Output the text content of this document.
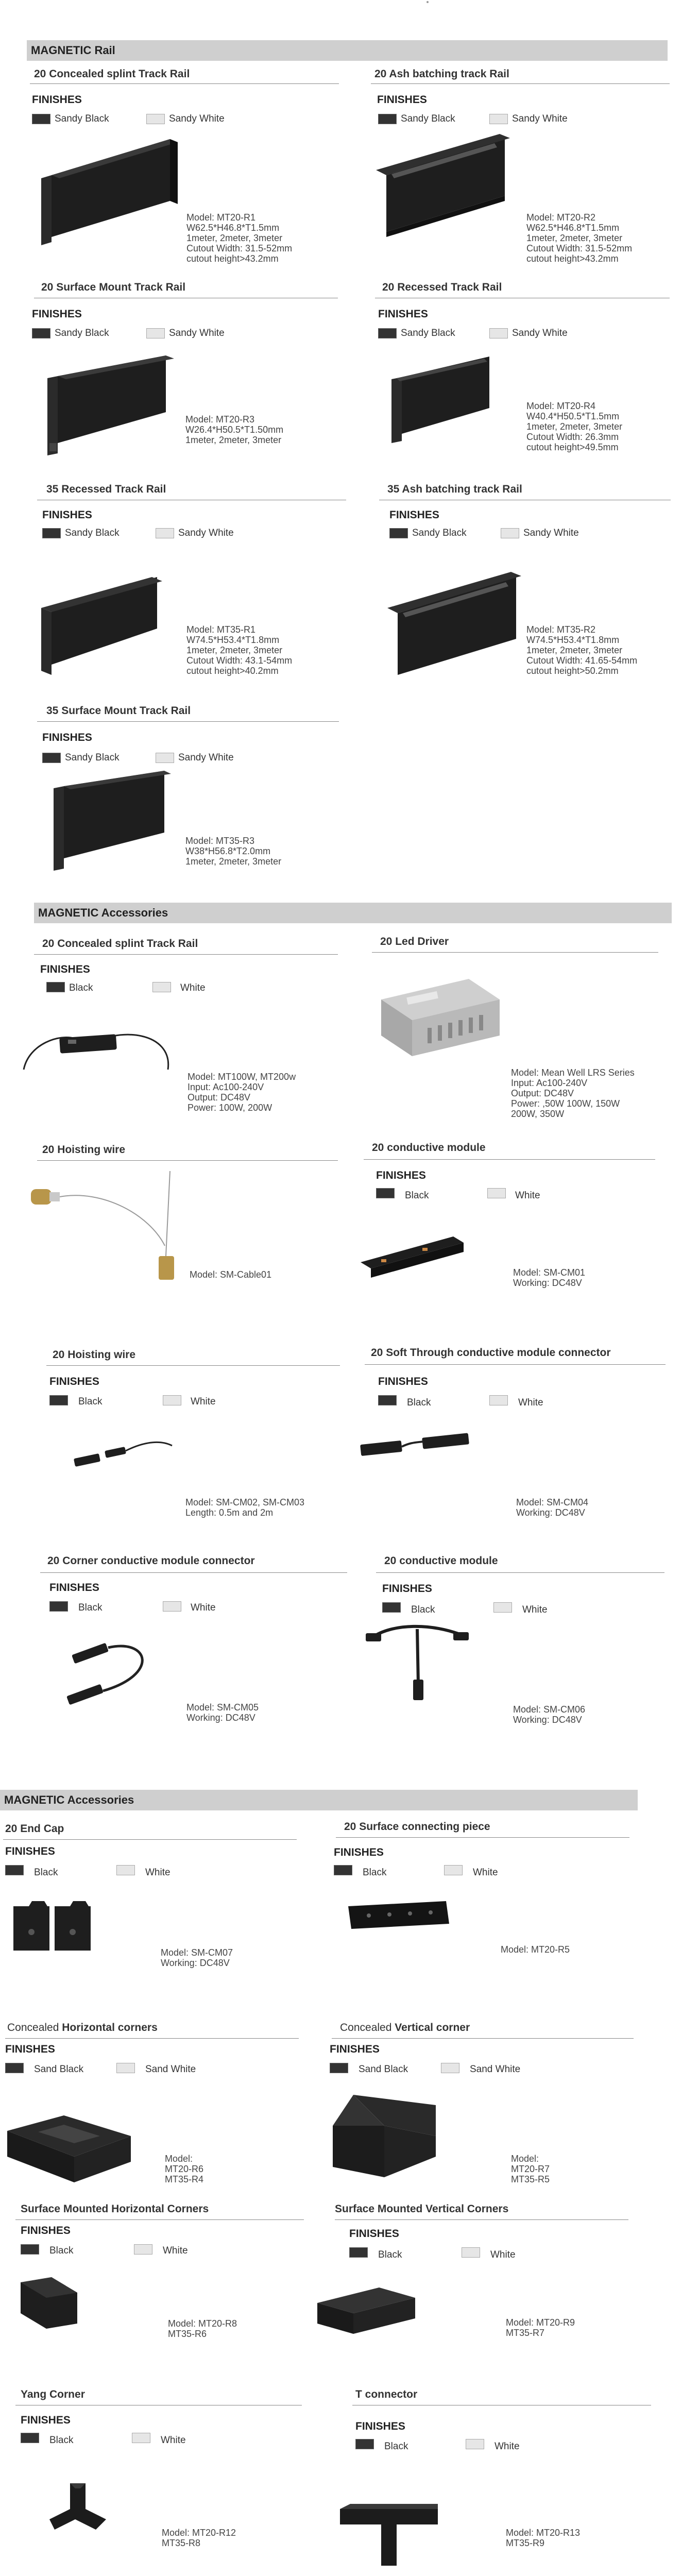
MAGNETIC Rail
20 Concealed splint Track Rail
FINISHES
Sandy Black	Sandy White
Model: MT20-R1
W62.5*H46.8*T1.5mm
1meter, 2meter, 3meter
Cutout Width: 31.5-52mm
cutout height>43.2mm
20 Ash batching track Rail
FINISHES
Sandy Black	Sandy White
Model: MT20-R2
W62.5*H46.8*T1.5mm
1meter, 2meter, 3meter
Cutout Width: 31.5-52mm
cutout height>43.2mm
20 Surface Mount Track Rail
FINISHES
Sandy Black	Sandy White
Model: MT20-R3
W26.4*H50.5*T1.50mm
1meter, 2meter, 3meter
20 Recessed Track Rail
FINISHES
Sandy Black	Sandy White
Model: MT20-R4
W40.4*H50.5*T1.5mm
1meter, 2meter, 3meter
Cutout Width: 26.3mm
cutout height>49.5mm
35 Recessed Track Rail
FINISHES
Sandy Black	Sandy White
Model: MT35-R1
W74.5*H53.4*T1.8mm
1meter, 2meter, 3meter
Cutout Width: 43.1-54mm
cutout height>40.2mm
35 Ash batching track Rail
FINISHES
Sandy Black	Sandy White
Model: MT35-R2
W74.5*H53.4*T1.8mm
1meter, 2meter, 3meter
Cutout Width: 41.65-54mm
cutout height>50.2mm
35 Surface Mount Track Rail
FINISHES
Sandy Black	Sandy White
Model: MT35-R3
W38*H56.8*T2.0mm
1meter, 2meter, 3meter
MAGNETIC Accessories
20 Concealed splint Track Rail
FINISHES
Black	White
Model: MT100W, MT200w
Input: Ac100-240V
Output: DC48V
Power: 100W, 200W
20 Led Driver
Model: Mean Well LRS Series
Input: Ac100-240V
Output: DC48V
Power: ,50W 100W, 150W
200W, 350W
20 Hoisting wire
Model: SM-Cable01
20 conductive module
FINISHES
Black	White
Model: SM-CM01
Working: DC48V
20 Hoisting wire
FINISHES
Black	White
Model: SM-CM02, SM-CM03
Length: 0.5m and 2m
20 Soft Through conductive module connector
FINISHES
Black	White
Model: SM-CM04
Working: DC48V
20 Corner conductive module connector
FINISHES
Black	White
Model: SM-CM05
Working: DC48V
20 conductive module
FINISHES
Black	White
Model: SM-CM06
Working: DC48V
MAGNETIC Accessories
20 End Cap
FINISHES
Black	White
Model: SM-CM07
Working: DC48V
20 Surface connecting piece
FINISHES
Black	White
Model: MT20-R5
Concealed Horizontal corners
FINISHES
Sand Black	Sand White
Model:
MT20-R6
MT35-R4
Concealed Vertical corner
FINISHES
Sand Black	Sand White
Model:
MT20-R7
MT35-R5
Surface Mounted Horizontal Corners
FINISHES
Black	White
Model: MT20-R8
MT35-R6
Surface Mounted Vertical Corners
FINISHES
Black	White
Model: MT20-R9
MT35-R7
Yang Corner
FINISHES
Black	White
Model: MT20-R12
MT35-R8
T connector
FINISHES
Black	White
Model: MT20-R13
MT35-R9
